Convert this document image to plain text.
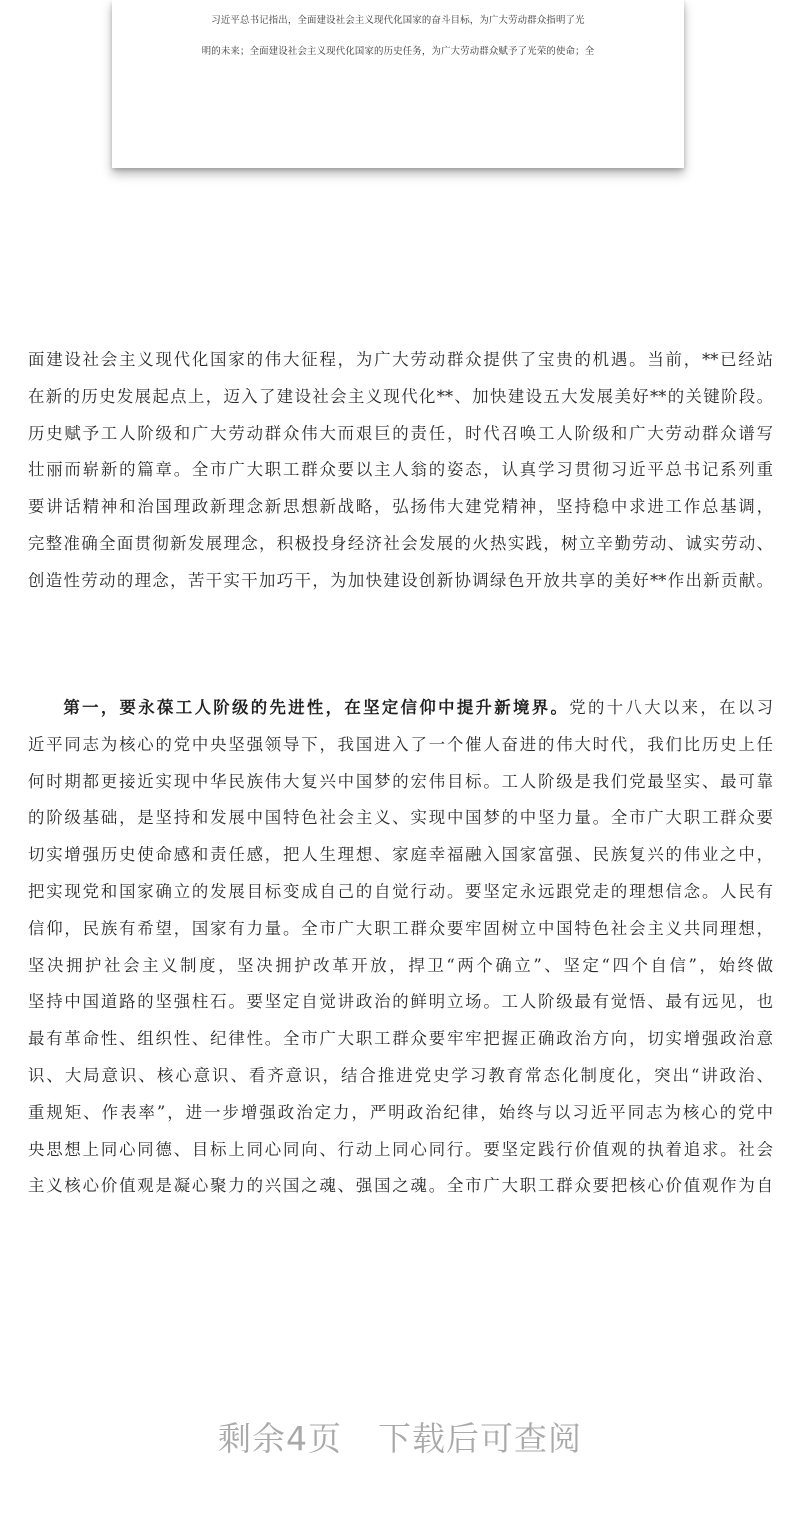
习近平总书记指出，全面建设社会主义现代化国家的奋斗目标，为广大劳动群众指明了光
明的未来；全面建设社会主义现代化国家的历史任务，为广大劳动群众赋予了光荣的使命；全
面建设社会主义现代化国家的伟大征程，为广大劳动群众提供了宝贵的机遇。当前，**已经站
在新的历史发展起点上，迈入了建设社会主义现代化**、加快建设五大发展美好**的关键阶段。
历史赋予工人阶级和广大劳动群众伟大而艰巨的责任，时代召唤工人阶级和广大劳动群众谱写
壮丽而崭新的篇章。全市广大职工群众要以主人翁的姿态，认真学习贯彻习近平总书记系列重
要讲话精神和治国理政新理念新思想新战略，弘扬伟大建党精神，坚持稳中求进工作总基调，
完整准确全面贯彻新发展理念，积极投身经济社会发展的火热实践，树立辛勤劳动、诚实劳动、
创造性劳动的理念，苦干实干加巧干，为加快建设创新协调绿色开放共享的美好**作出新贡献。
第一，要永葆工人阶级的先进性，在坚定信仰中提升新境界。党的十八大以来，在以习
近平同志为核心的党中央坚强领导下，我国进入了一个催人奋进的伟大时代，我们比历史上任
何时期都更接近实现中华民族伟大复兴中国梦的宏伟目标。工人阶级是我们党最坚实、最可靠
的阶级基础，是坚持和发展中国特色社会主义、实现中国梦的中坚力量。全市广大职工群众要
切实增强历史使命感和责任感，把人生理想、家庭幸福融入国家富强、民族复兴的伟业之中，
把实现党和国家确立的发展目标变成自己的自觉行动。要坚定永远跟党走的理想信念。人民有
信仰，民族有希望，国家有力量。全市广大职工群众要牢固树立中国特色社会主义共同理想，
坚决拥护社会主义制度，坚决拥护改革开放，捍卫“两个确立”、坚定“四个自信”，始终做
坚持中国道路的坚强柱石。要坚定自觉讲政治的鲜明立场。工人阶级最有觉悟、最有远见，也
最有革命性、组织性、纪律性。全市广大职工群众要牢牢把握正确政治方向，切实增强政治意
识、大局意识、核心意识、看齐意识，结合推进党史学习教育常态化制度化，突出“讲政治、
重规矩、作表率”，进一步增强政治定力，严明政治纪律，始终与以习近平同志为核心的党中
央思想上同心同德、目标上同心同向、行动上同心同行。要坚定践行价值观的执着追求。社会
主义核心价值观是凝心聚力的兴国之魂、强国之魂。全市广大职工群众要把核心价值观作为自
剩余4页 下载后可查阅
